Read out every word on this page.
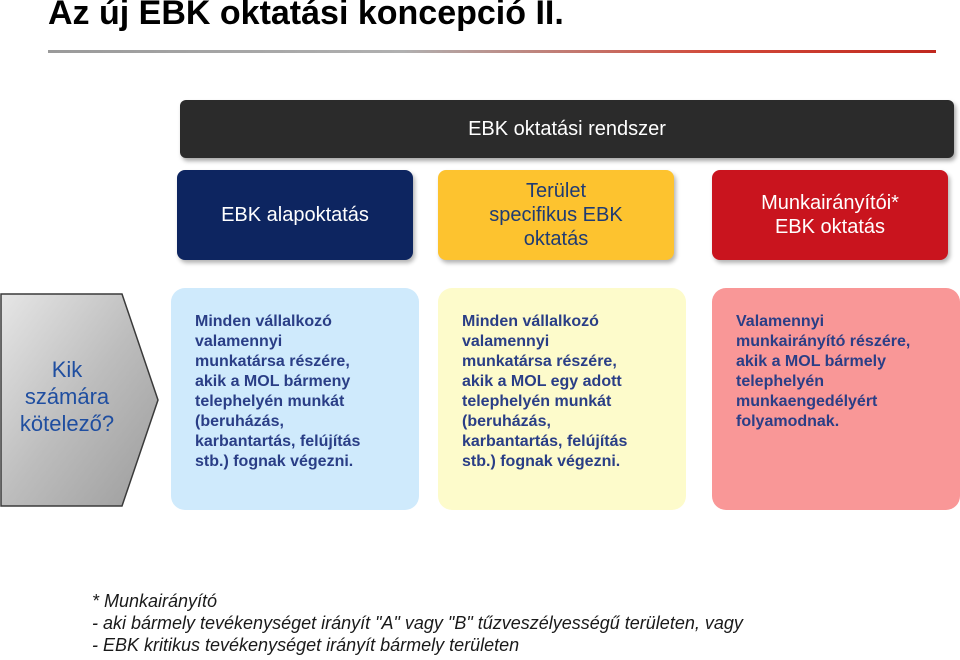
Az új EBK oktatási koncepció II.
EBK oktatási rendszer
EBK alapoktatás
Terület
specifikus EBK
oktatás
Munkairányítói*
EBK oktatás
Kik
számára
kötelező?
Minden vállalkozó
valamennyi
munkatársa részére,
akik a MOL bármeny
telephelyén munkát
(beruházás,
karbantartás, felújítás
stb.) fognak végezni.
Minden vállalkozó
valamennyi
munkatársa részére,
akik a MOL egy adott
telephelyén munkát
(beruházás,
karbantartás, felújítás
stb.) fognak végezni.
Valamennyi
munkairányító részére,
akik a MOL bármely
telephelyén
munkaengedélyért
folyamodnak.
* Munkairányító
- aki bármely tevékenységet irányít "A" vagy "B" tűzveszélyességű területen, vagy
- EBK kritikus tevékenységet irányít bármely területen
